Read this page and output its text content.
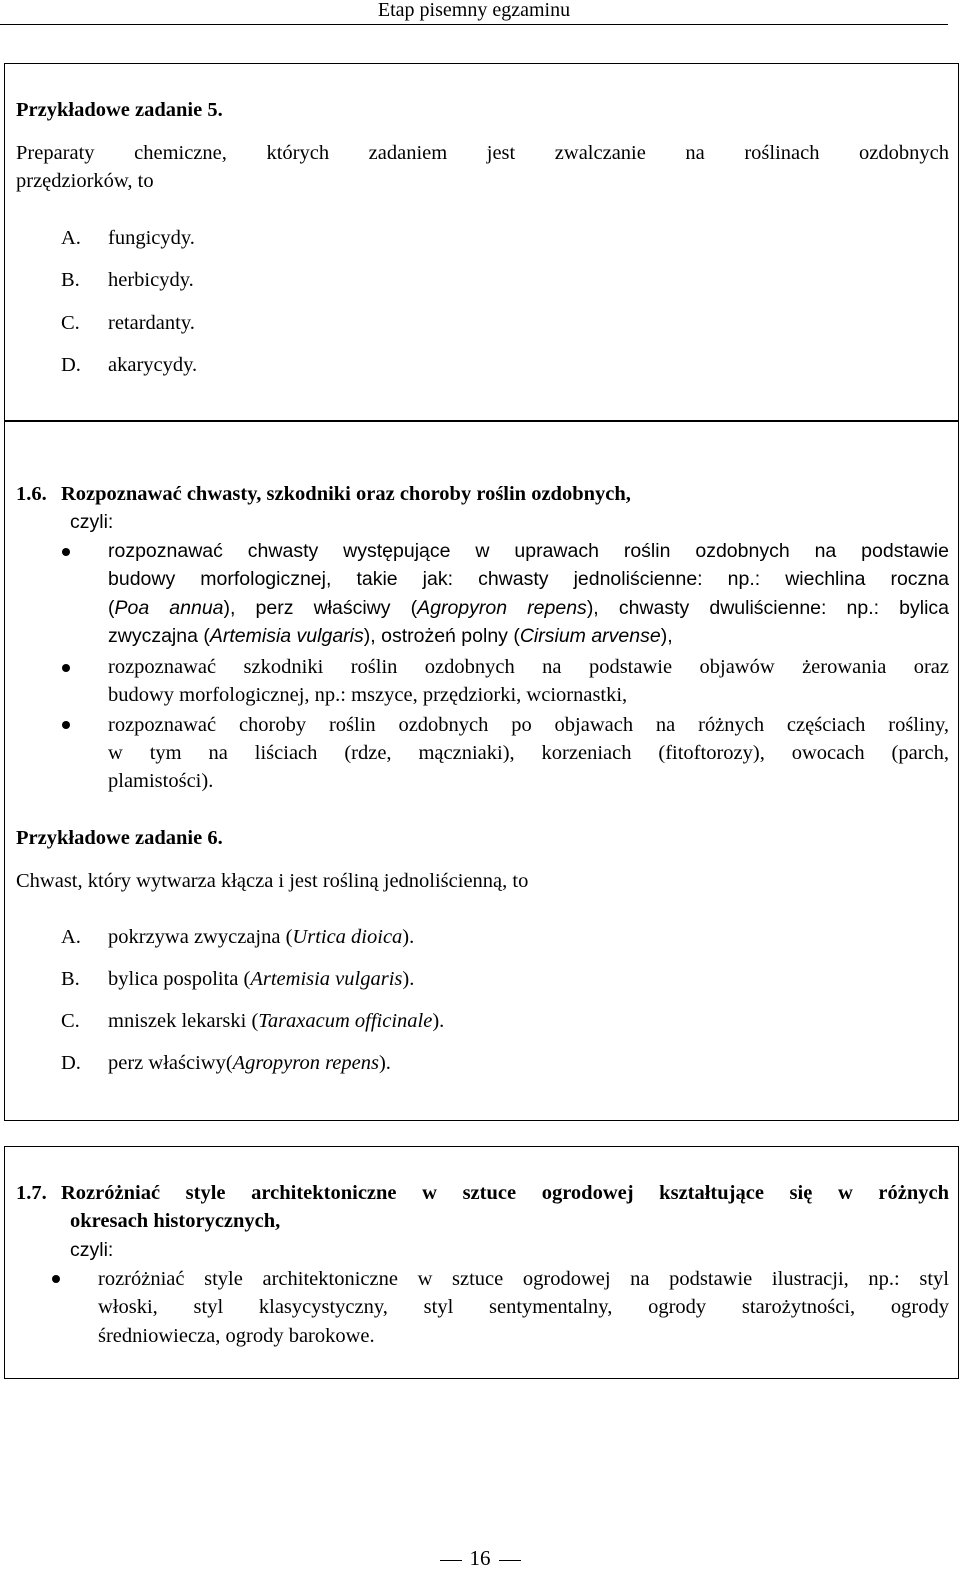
Etap pisemny egzaminu
Przykładowe zadanie 5.
Preparaty chemiczne, których zadaniem jest zwalczanie na roślinach ozdobnych
przędziorków, to
A. fungicydy.
B. herbicydy.
C. retardanty.
D. akarycydy.
1.6. Rozpoznawać chwasty, szkodniki oraz choroby roślin ozdobnych,
czyli:
rozpoznawać chwasty występujące w uprawach roślin ozdobnych na podstawie
budowy morfologicznej, takie jak: chwasty jednoliścienne: np.: wiechlina roczna
(Poa annua), perz właściwy (Agropyron repens), chwasty dwuliścienne: np.: bylica
zwyczajna (Artemisia vulgaris), ostrożeń polny (Cirsium arvense),
rozpoznawać szkodniki roślin ozdobnych na podstawie objawów żerowania oraz
budowy morfologicznej, np.: mszyce, przędziorki, wciornastki,
rozpoznawać choroby roślin ozdobnych po objawach na różnych częściach rośliny,
w tym na liściach (rdze, mączniaki), korzeniach (fitoftorozy), owocach (parch,
plamistości).
Przykładowe zadanie 6.
Chwast, który wytwarza kłącza i jest rośliną jednoliścienną, to
A. pokrzywa zwyczajna (Urtica dioica).
B. bylica pospolita (Artemisia vulgaris).
C. mniszek lekarski (Taraxacum officinale).
D. perz właściwy(Agropyron repens).
1.7. Rozróżniać style architektoniczne w sztuce ogrodowej kształtujące się w różnych
okresach historycznych,
czyli:
rozróżniać style architektoniczne w sztuce ogrodowej na podstawie ilustracji, np.: styl
włoski, styl klasycystyczny, styl sentymentalny, ogrody starożytności, ogrody
średniowiecza, ogrody barokowe.
16
